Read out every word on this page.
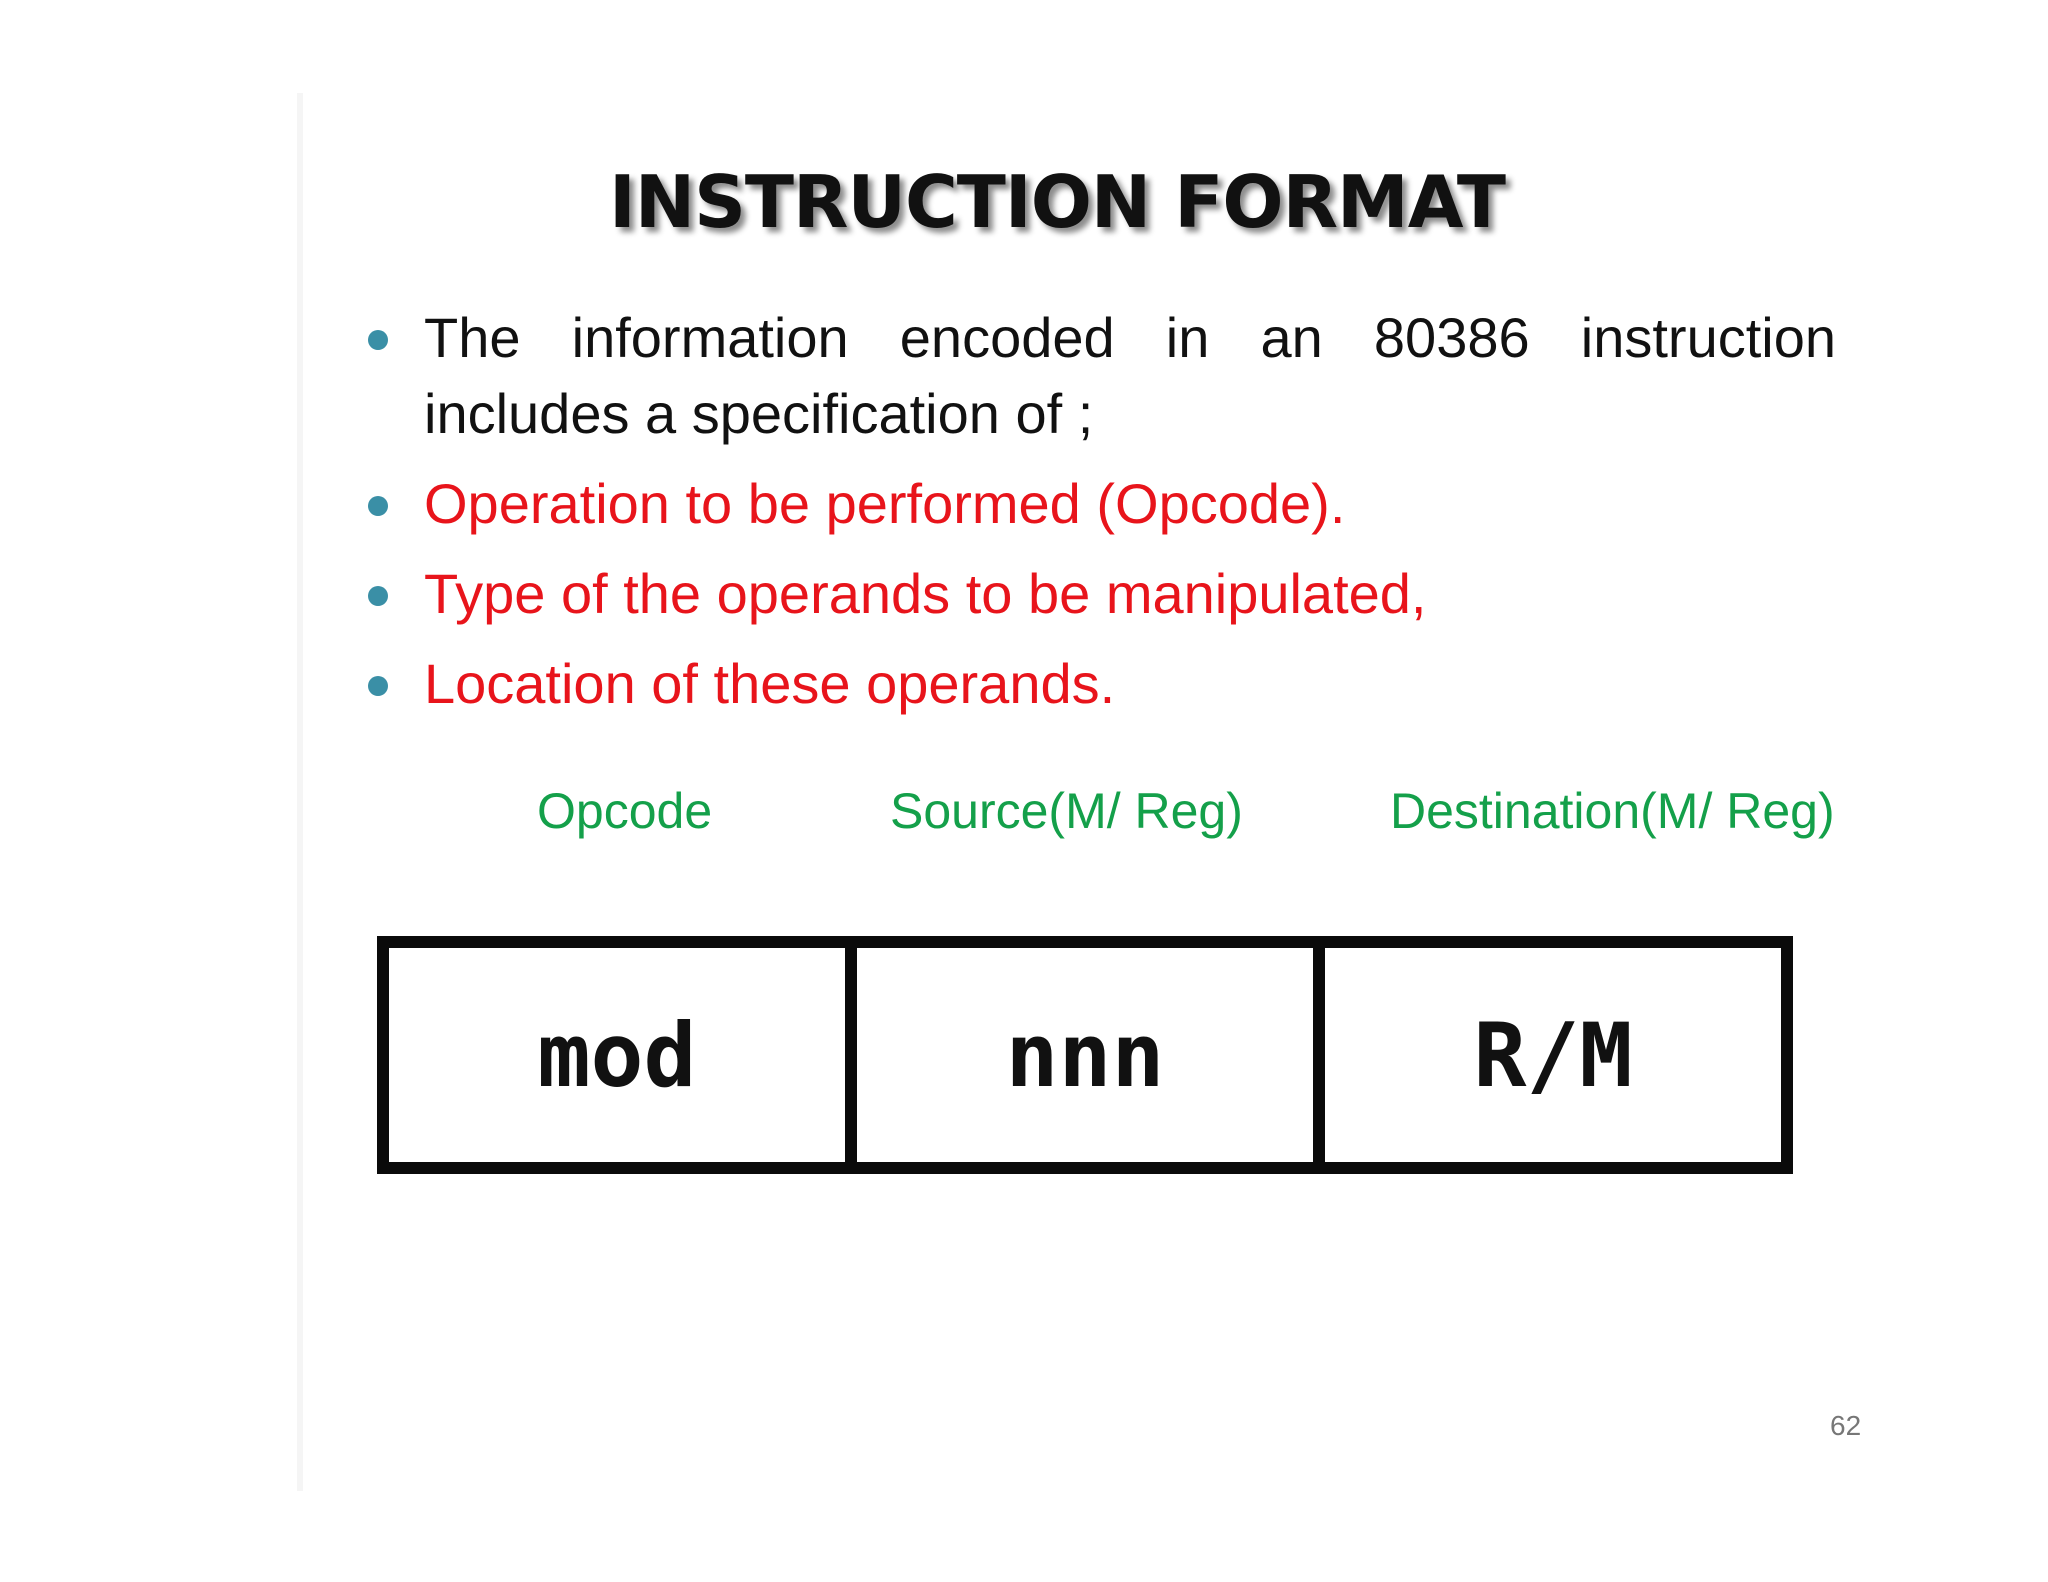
INSTRUCTION FORMAT
The information encoded in an 80386 instruction includes a specification of ;
Operation to be performed (Opcode).
Type of the operands to be manipulated,
Location of these operands.
Opcode	Source(M/ Reg)	Destination(M/ Reg)
mod	nnn	R/M
62
